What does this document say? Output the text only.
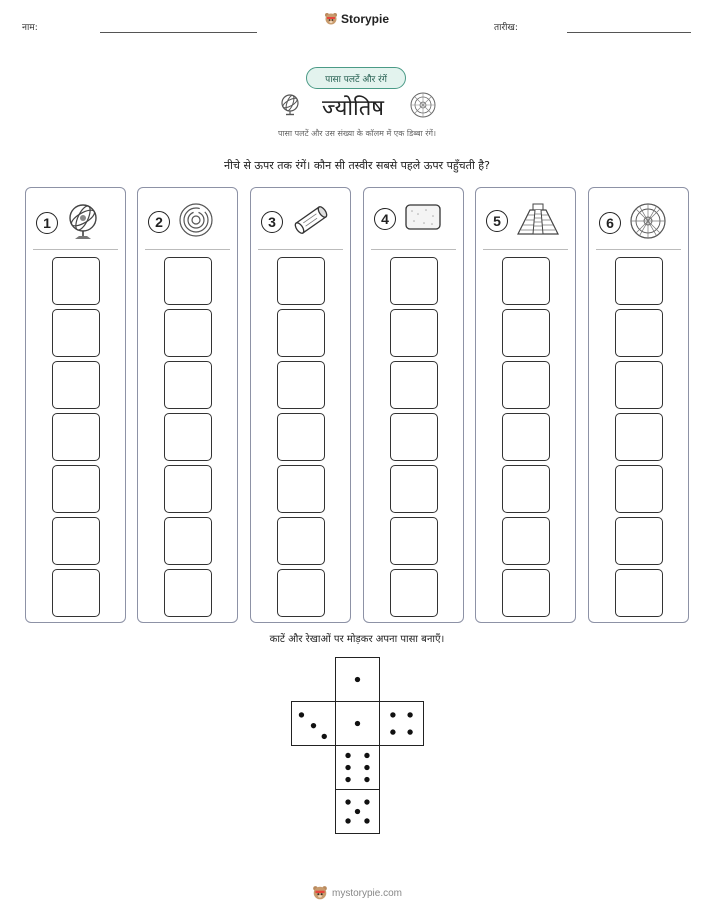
नाम:
Storypie
तारीख:
पासा पलटें और रंगें
ज्योतिष
पासा पलटें और उस संख्या के कॉलम में एक डिब्बा रंगें।
नीचे से ऊपर तक रंगें। कौन सी तस्वीर सबसे पहले ऊपर पहुँचती है?
1	2	3	4	5	6
काटें और रेखाओं पर मोड़कर अपना पासा बनाएँ।
mystorypie.com
